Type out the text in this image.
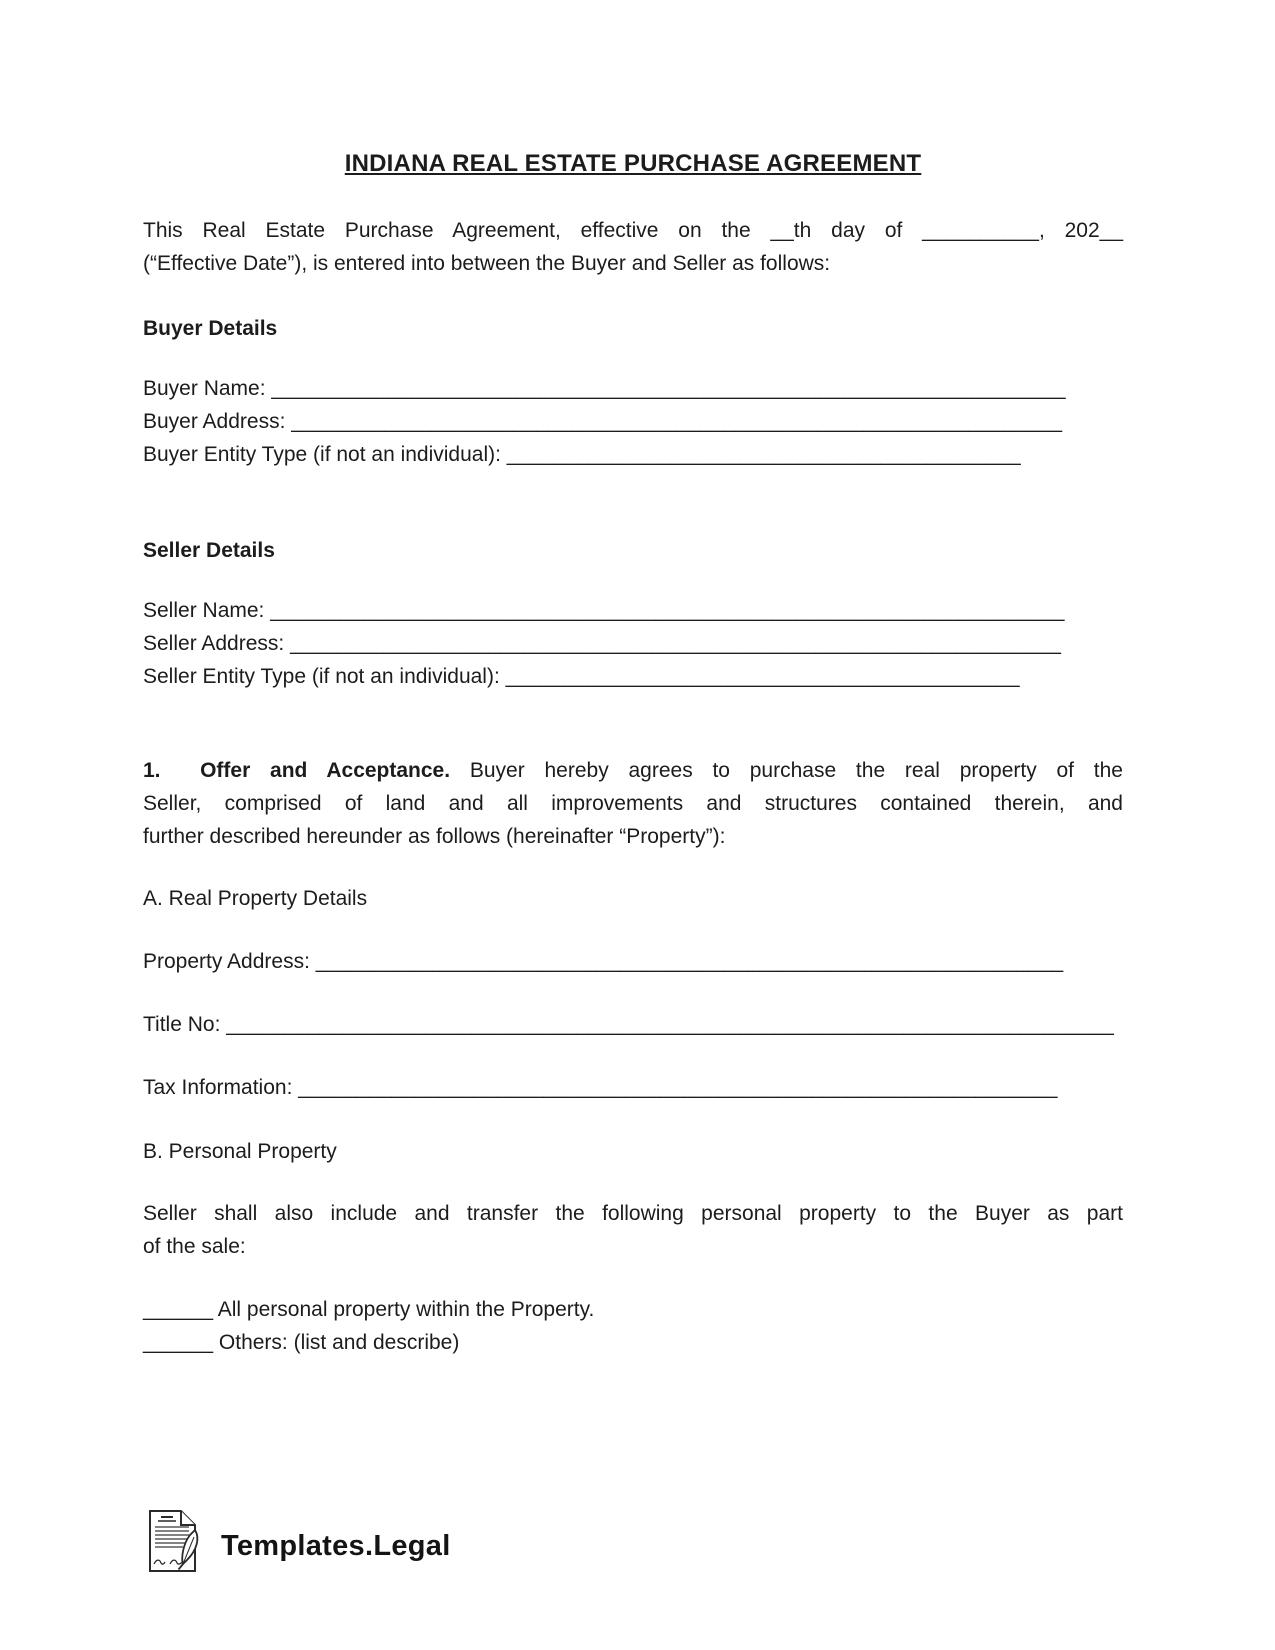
INDIANA REAL ESTATE PURCHASE AGREEMENT

This Real Estate Purchase Agreement, effective on the __th day of __________, 202__
(“Effective Date”), is entered into between the Buyer and Seller as follows:

Buyer Details

Buyer Name: ____________________________________________________________________
Buyer Address: __________________________________________________________________
Buyer Entity Type (if not an individual): ____________________________________________

Seller Details

Seller Name: ____________________________________________________________________
Seller Address: __________________________________________________________________
Seller Entity Type (if not an individual): ____________________________________________
1.  Offer and Acceptance. Buyer hereby agrees to purchase the real property of the
Seller, comprised of land and all improvements and structures contained therein, and
further described hereunder as follows (hereinafter “Property”):

A. Real Property Details

Property Address: ________________________________________________________________

Title No: ____________________________________________________________________________

Tax Information: _________________________________________________________________

B. Personal Property

Seller shall also include and transfer the following personal property to the Buyer as part
of the sale:
______ All personal property within the Property.
______ Others: (list and describe)
Templates.Legal
